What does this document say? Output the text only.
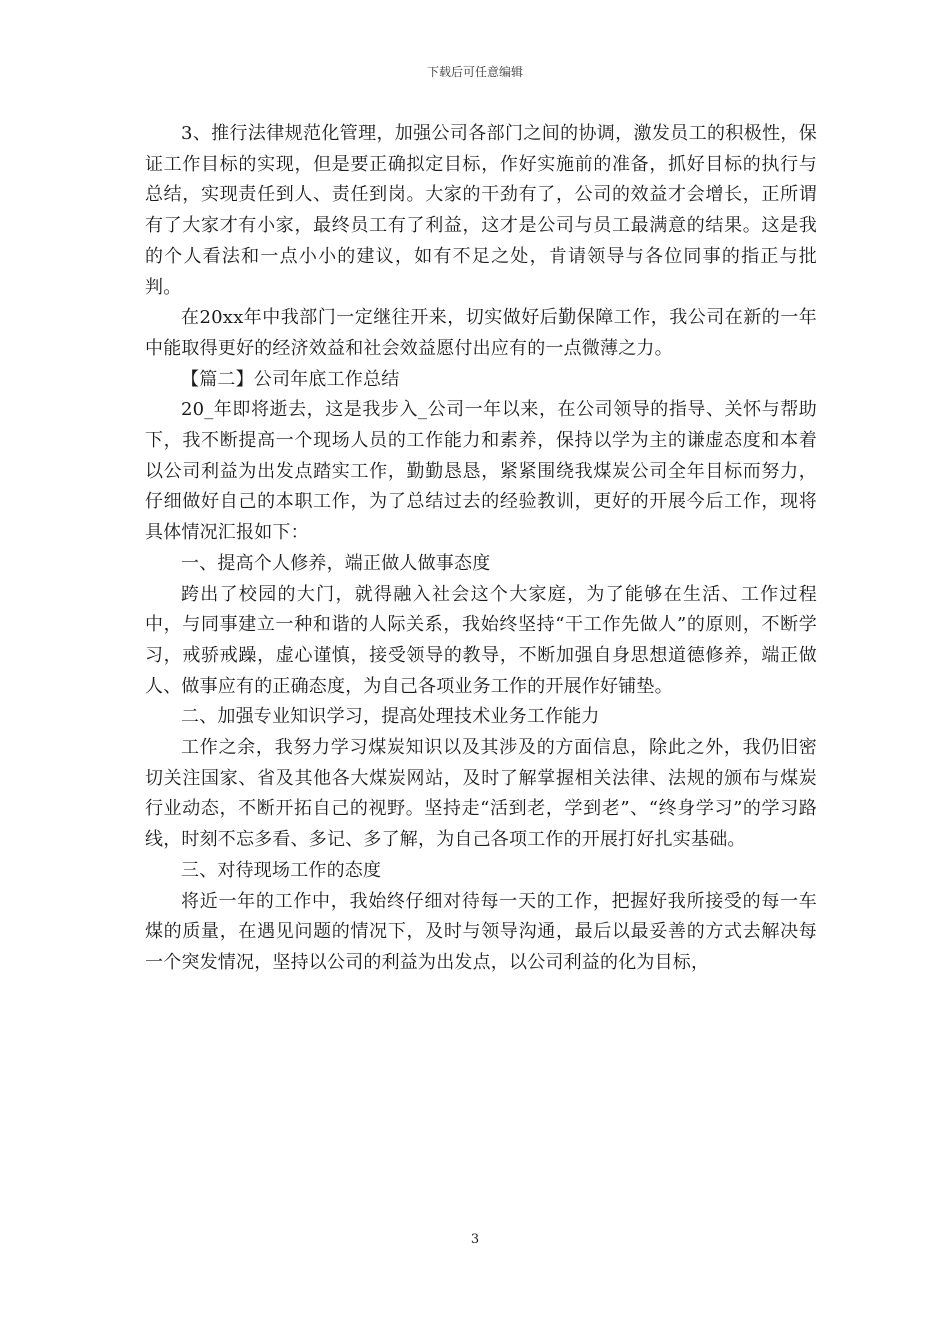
下载后可任意编辑

3、推行法律规范化管理，加强公司各部门之间的协调，激发员工的积极性，保证工作目标的实现，但是要正确拟定目标，作好实施前的准备，抓好目标的执行与总结，实现责任到人、责任到岗。大家的干劲有了，公司的效益才会增长，正所谓有了大家才有小家，最终员工有了利益，这才是公司与员工最满意的结果。这是我的个人看法和一点小小的建议，如有不足之处，肯请领导与各位同事的指正与批判。

在20xx年中我部门一定继往开来，切实做好后勤保障工作，我公司在新的一年中能取得更好的经济效益和社会效益愿付出应有的一点微薄之力。

【篇二】公司年底工作总结

20_年即将逝去，这是我步入_公司一年以来，在公司领导的指导、关怀与帮助下，我不断提高一个现场人员的工作能力和素养，保持以学为主的谦虚态度和本着以公司利益为出发点踏实工作，勤勤恳恳，紧紧围绕我煤炭公司全年目标而努力，仔细做好自己的本职工作，为了总结过去的经验教训，更好的开展今后工作，现将具体情况汇报如下：

一、提高个人修养，端正做人做事态度

跨出了校园的大门，就得融入社会这个大家庭，为了能够在生活、工作过程中，与同事建立一种和谐的人际关系，我始终坚持“干工作先做人”的原则，不断学习，戒骄戒躁，虚心谨慎，接受领导的教导，不断加强自身思想道德修养，端正做人、做事应有的正确态度，为自己各项业务工作的开展作好铺垫。

二、加强专业知识学习，提高处理技术业务工作能力

工作之余，我努力学习煤炭知识以及其涉及的方面信息，除此之外，我仍旧密切关注国家、省及其他各大煤炭网站，及时了解掌握相关法律、法规的颁布与煤炭行业动态，不断开拓自己的视野。坚持走“活到老，学到老”、“终身学习”的学习路线，时刻不忘多看、多记、多了解，为自己各项工作的开展打好扎实基础。

三、对待现场工作的态度

将近一年的工作中，我始终仔细对待每一天的工作，把握好我所接受的每一车煤的质量，在遇见问题的情况下，及时与领导沟通，最后以最妥善的方式去解决每一个突发情况，坚持以公司的利益为出发点，以公司利益的化为目标，

3
